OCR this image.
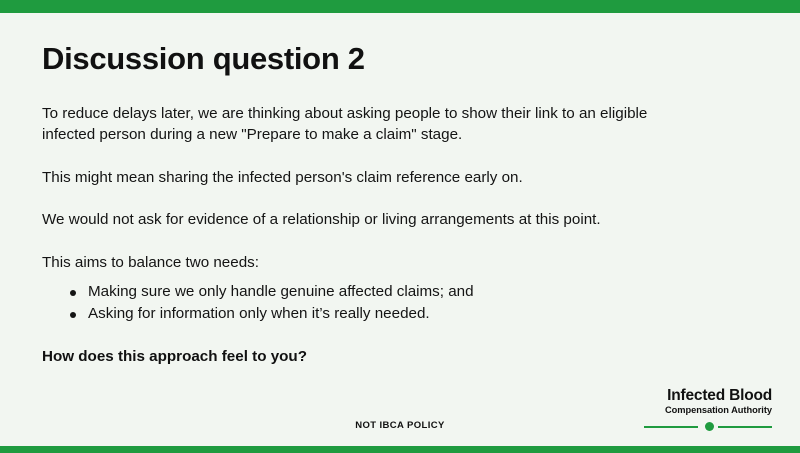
Discussion question 2

To reduce delays later, we are thinking about asking people to show their link to an eligible infected person during a new "Prepare to make a claim" stage.

This might mean sharing the infected person's claim reference early on.

We would not ask for evidence of a relationship or living arrangements at this point.

This aims to balance two needs:

Making sure we only handle genuine affected claims; and
Asking for information only when it’s really needed.

How does this approach feel to you?

NOT IBCA POLICY
Infected Blood
Compensation Authority
